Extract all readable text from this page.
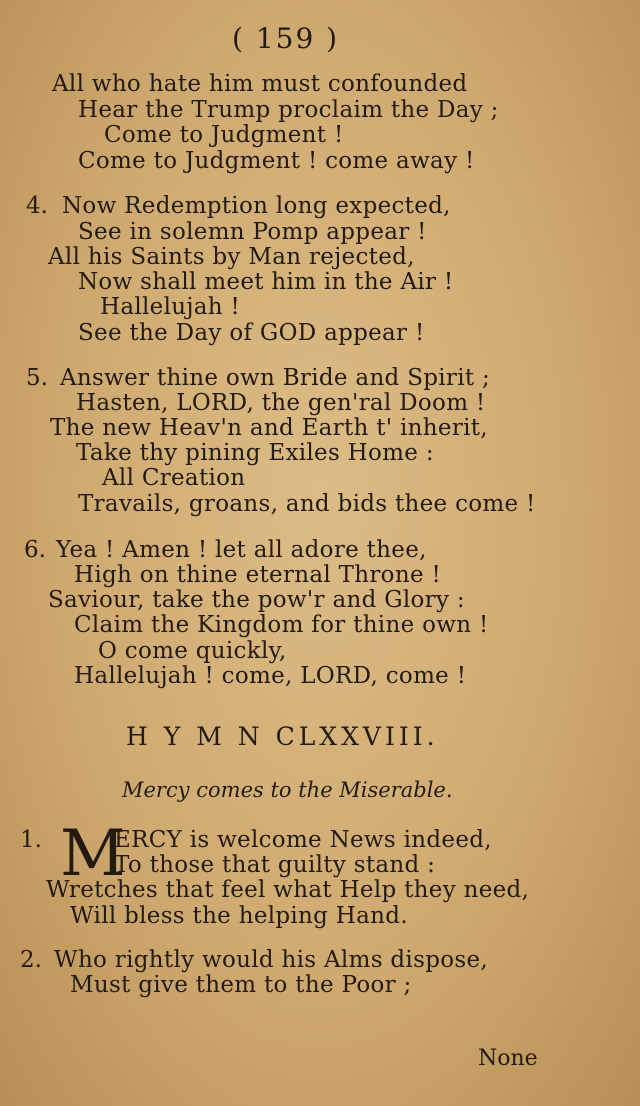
( 159 )
All who hate him must confounded
Hear the Trump proclaim the Day ;
Come to Judgment !
Come to Judgment ! come away !
4. Now Redemption long expected,
See in solemn Pomp appear !
All his Saints by Man rejected,
Now shall meet him in the Air !
Hallelujah !
See the Day of GOD appear !
5. Answer thine own Bride and Spirit ;
Hasten, LORD, the gen'ral Doom !
The new Heav'n and Earth t' inherit,
Take thy pining Exiles Home :
All Creation
Travails, groans, and bids thee come !
6. Yea ! Amen ! let all adore thee,
High on thine eternal Throne !
Saviour, take the pow'r and Glory :
Claim the Kingdom for thine own !
O come quickly,
Hallelujah ! come, LORD, come !
H Y M N CLXXVIII.
Mercy comes to the Miserable.
1. M
ERCY is welcome News indeed,
To those that guilty stand :
Wretches that feel what Help they need,
Will bless the helping Hand.
2. Who rightly would his Alms dispose,
Must give them to the Poor ;
None
